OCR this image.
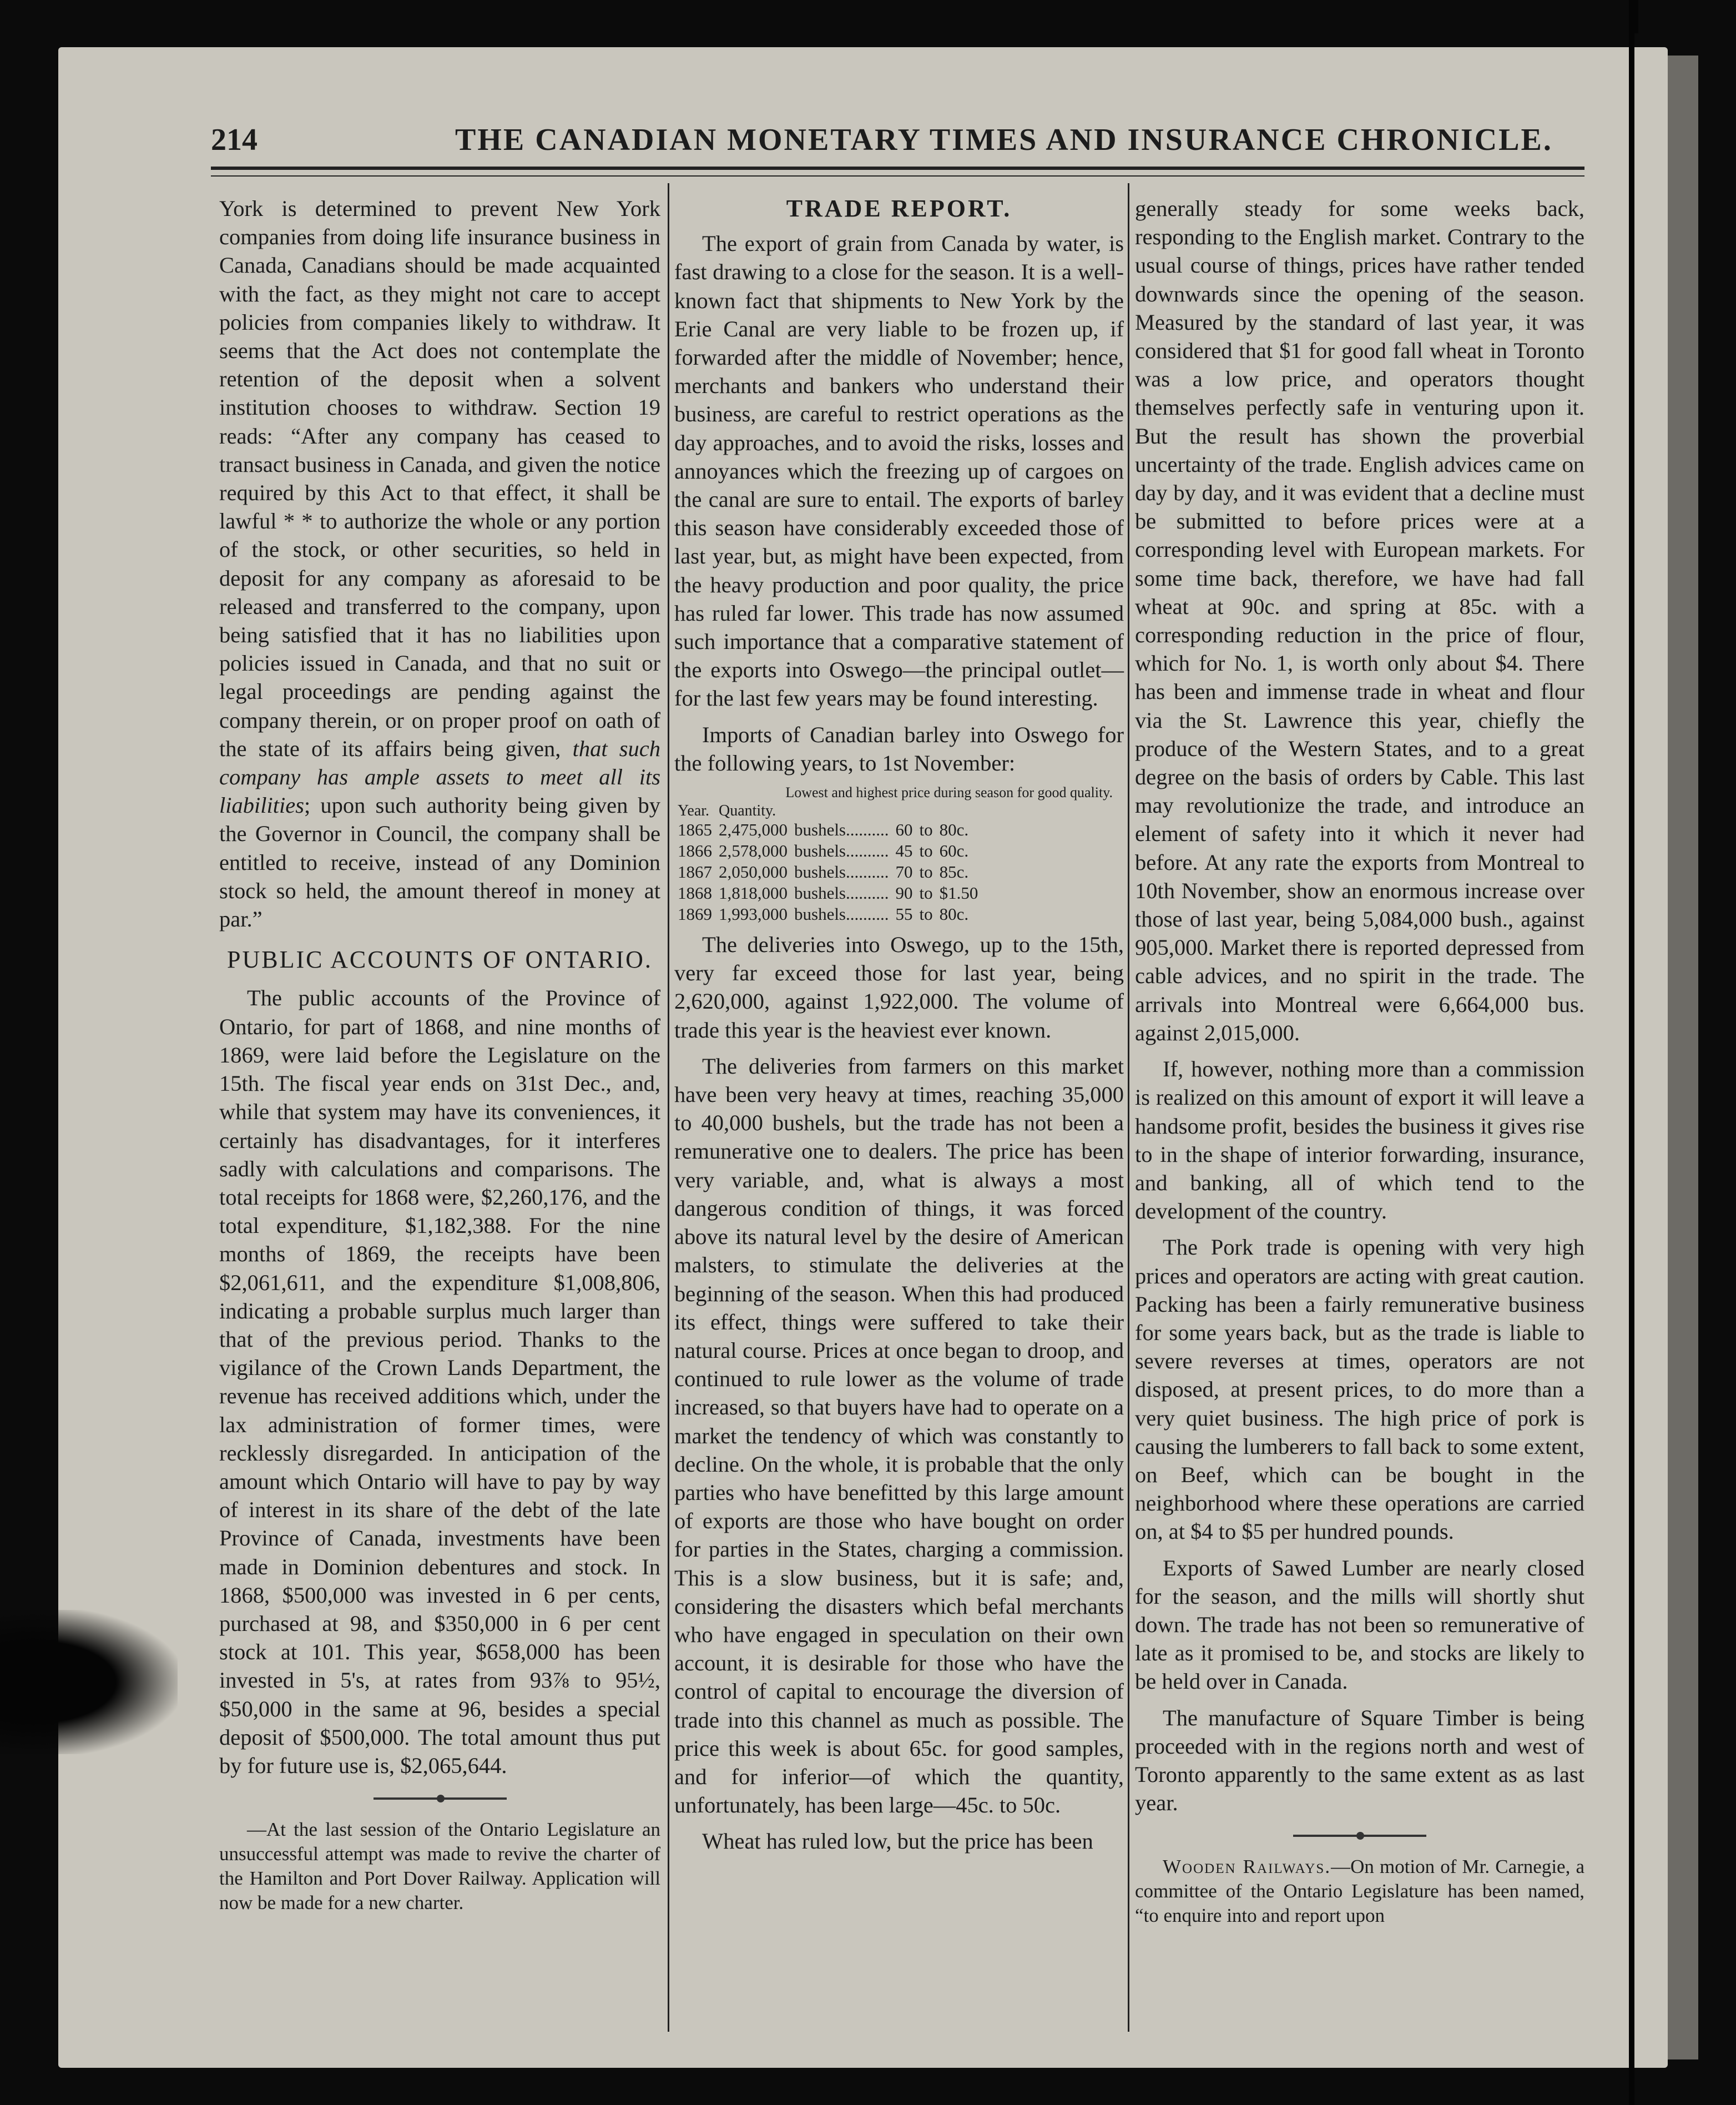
214	THE CANADIAN MONETARY TIMES AND INSURANCE CHRONICLE.

York is determined to prevent New York companies from doing life insurance business in Canada, Canadians should be made acquainted with the fact, as they might not care to accept policies from companies likely to withdraw. It seems that the Act does not contemplate the retention of the deposit when a solvent institution chooses to withdraw. Section 19 reads: “After any company has ceased to transact business in Canada, and given the notice required by this Act to that effect, it shall be lawful * * to authorize the whole or any portion of the stock, or other securities, so held in deposit for any company as aforesaid to be released and transferred to the company, upon being satisfied that it has no liabilities upon policies issued in Canada, and that no suit or legal proceedings are pending against the company therein, or on proper proof on oath of the state of its affairs being given, that such company has ample assets to meet all its liabilities; upon such authority being given by the Governor in Council, the company shall be entitled to receive, instead of any Dominion stock so held, the amount thereof in money at par.”

PUBLIC ACCOUNTS OF ONTARIO.

The public accounts of the Province of Ontario, for part of 1868, and nine months of 1869, were laid before the Legislature on the 15th. The fiscal year ends on 31st Dec., and, while that system may have its conveniences, it certainly has disadvantages, for it interferes sadly with calculations and comparisons. The total receipts for 1868 were, $2,260,176, and the total expenditure, $1,182,388. For the nine months of 1869, the receipts have been $2,061,611, and the expenditure $1,008,806, indicating a probable surplus much larger than that of the previous period. Thanks to the vigilance of the Crown Lands Department, the revenue has received additions which, under the lax administration of former times, were recklessly disregarded. In anticipation of the amount which Ontario will have to pay by way of interest in its share of the debt of the late Province of Canada, investments have been made in Dominion debentures and stock. In 1868, $500,000 was invested in 6 per cents, purchased at 98, and $350,000 in 6 per cent stock at 101. This year, $658,000 has been invested in 5's, at rates from 93⅞ to 95½, $50,000 in the same at 96, besides a special deposit of $500,000. The total amount thus put by for future use is, $2,065,644.

—At the last session of the Ontario Legislature an unsuccessful attempt was made to revive the charter of the Hamilton and Port Dover Railway. Application will now be made for a new charter.

TRADE REPORT.

The export of grain from Canada by water, is fast drawing to a close for the season. It is a well-known fact that shipments to New York by the Erie Canal are very liable to be frozen up, if forwarded after the middle of November; hence, merchants and bankers who understand their business, are careful to restrict operations as the day approaches, and to avoid the risks, losses and annoyances which the freezing up of cargoes on the canal are sure to entail. The exports of barley this season have considerably exceeded those of last year, but, as might have been expected, from the heavy production and poor quality, the price has ruled far lower. This trade has now assumed such importance that a comparative statement of the exports into Oswego—the principal outlet—for the last few years may be found interesting.

Imports of Canadian barley into Oswego for the following years, to 1st November:

Lowest and highest price during season for good quality.
Year.	Quantity.				
1865	2,475,000	bushels..........	60	to	80c.
1866	2,578,000	bushels..........	45	to	60c.
1867	2,050,000	bushels..........	70	to	85c.
1868	1,818,000	bushels..........	90	to	$1.50
1869	1,993,000	bushels..........	55	to	80c.

The deliveries into Oswego, up to the 15th, very far exceed those for last year, being 2,620,000, against 1,922,000. The volume of trade this year is the heaviest ever known.

The deliveries from farmers on this market have been very heavy at times, reaching 35,000 to 40,000 bushels, but the trade has not been a remunerative one to dealers. The price has been very variable, and, what is always a most dangerous condition of things, it was forced above its natural level by the desire of American malsters, to stimulate the deliveries at the beginning of the season. When this had produced its effect, things were suffered to take their natural course. Prices at once began to droop, and continued to rule lower as the volume of trade increased, so that buyers have had to operate on a market the tendency of which was constantly to decline. On the whole, it is probable that the only parties who have benefitted by this large amount of exports are those who have bought on order for parties in the States, charging a commission. This is a slow business, but it is safe; and, considering the disasters which befal merchants who have engaged in speculation on their own account, it is desirable for those who have the control of capital to encourage the diversion of trade into this channel as much as possible. The price this week is about 65c. for good samples, and for inferior—of which the quantity, unfortunately, has been large—45c. to 50c.

Wheat has ruled low, but the price has been

generally steady for some weeks back, responding to the English market. Contrary to the usual course of things, prices have rather tended downwards since the opening of the season. Measured by the standard of last year, it was considered that $1 for good fall wheat in Toronto was a low price, and operators thought themselves perfectly safe in venturing upon it. But the result has shown the proverbial uncertainty of the trade. English advices came on day by day, and it was evident that a decline must be submitted to before prices were at a corresponding level with European markets. For some time back, therefore, we have had fall wheat at 90c. and spring at 85c. with a corresponding reduction in the price of flour, which for No. 1, is worth only about $4. There has been and immense trade in wheat and flour via the St. Lawrence this year, chiefly the produce of the Western States, and to a great degree on the basis of orders by Cable. This last may revolutionize the trade, and introduce an element of safety into it which it never had before. At any rate the exports from Montreal to 10th November, show an enormous increase over those of last year, being 5,084,000 bush., against 905,000. Market there is reported depressed from cable advices, and no spirit in the trade. The arrivals into Montreal were 6,664,000 bus. against 2,015,000.

If, however, nothing more than a commission is realized on this amount of export it will leave a handsome profit, besides the business it gives rise to in the shape of interior forwarding, insurance, and banking, all of which tend to the development of the country.

The Pork trade is opening with very high prices and operators are acting with great caution. Packing has been a fairly remunerative business for some years back, but as the trade is liable to severe reverses at times, operators are not disposed, at present prices, to do more than a very quiet business. The high price of pork is causing the lumberers to fall back to some extent, on Beef, which can be bought in the neighborhood where these operations are carried on, at $4 to $5 per hundred pounds.

Exports of Sawed Lumber are nearly closed for the season, and the mills will shortly shut down. The trade has not been so remunerative of late as it promised to be, and stocks are likely to be held over in Canada.

The manufacture of Square Timber is being proceeded with in the regions north and west of Toronto apparently to the same extent as as last year.

Wooden Railways.—On motion of Mr. Carnegie, a committee of the Ontario Legislature has been named, “to enquire into and report upon
